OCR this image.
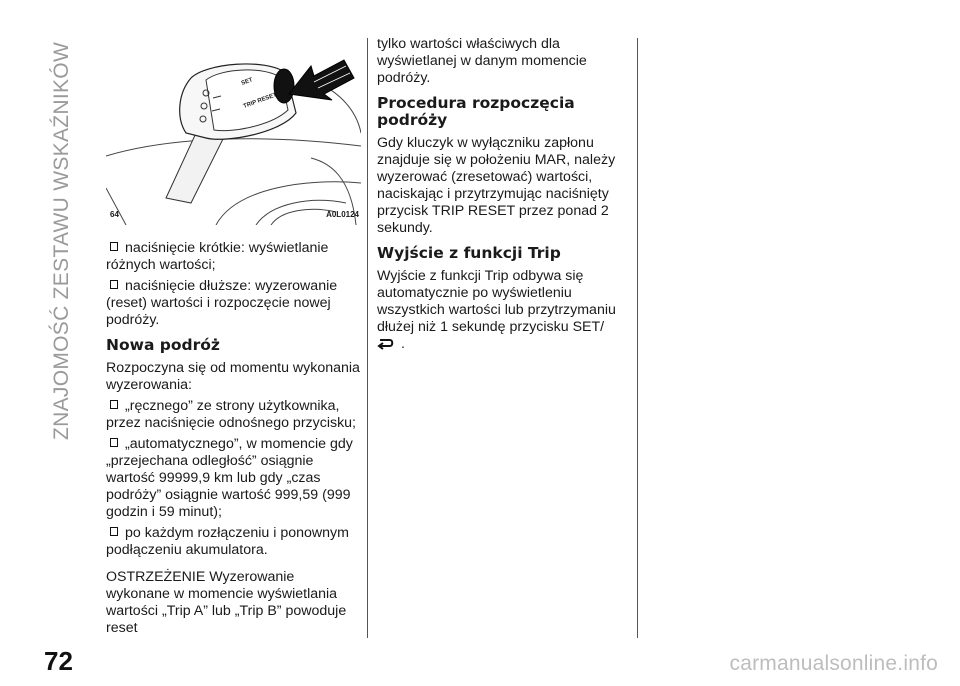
ZNAJOMOŚĆ ZESTAWU WSKAŹNIKÓW	SET
TRIP RESET
64	A0L0124

naciśnięcie krótkie: wyświetlanie różnych wartości;

naciśnięcie dłuższe: wyzerowanie (reset) wartości i rozpoczęcie nowej podróży.

Nowa podróż

Rozpoczyna się od momentu wykonania wyzerowania:

„ręcznego” ze strony użytkownika, przez naciśnięcie odnośnego przycisku;

„automatycznego”, w momencie gdy „przejechana odległość” osiągnie wartość 99999,9 km lub gdy „czas podróży” osiągnie wartość 999,59 (999 godzin i 59 minut);

po każdym rozłączeniu i ponownym podłączeniu akumulatora.

OSTRZEŻENIE Wyzerowanie wykonane w momencie wyświetlania wartości „Trip A” lub „Trip B” powoduje reset

tylko wartości właściwych dla wyświetlanej w danym momencie podróży.

Procedura rozpoczęcia podróży

Gdy kluczyk w wyłączniku zapłonu znajduje się w położeniu MAR, należy wyzerować (zresetować) wartości, naciskając i przytrzymując naciśnięty przycisk TRIP RESET przez ponad 2 sekundy.

Wyjście z funkcji Trip

Wyjście z funkcji Trip odbywa się automatycznie po wyświetleniu wszystkich wartości lub przytrzymaniu dłużej niż 1 sekundę przycisku SET/
.

72	carmanualsonline.info
